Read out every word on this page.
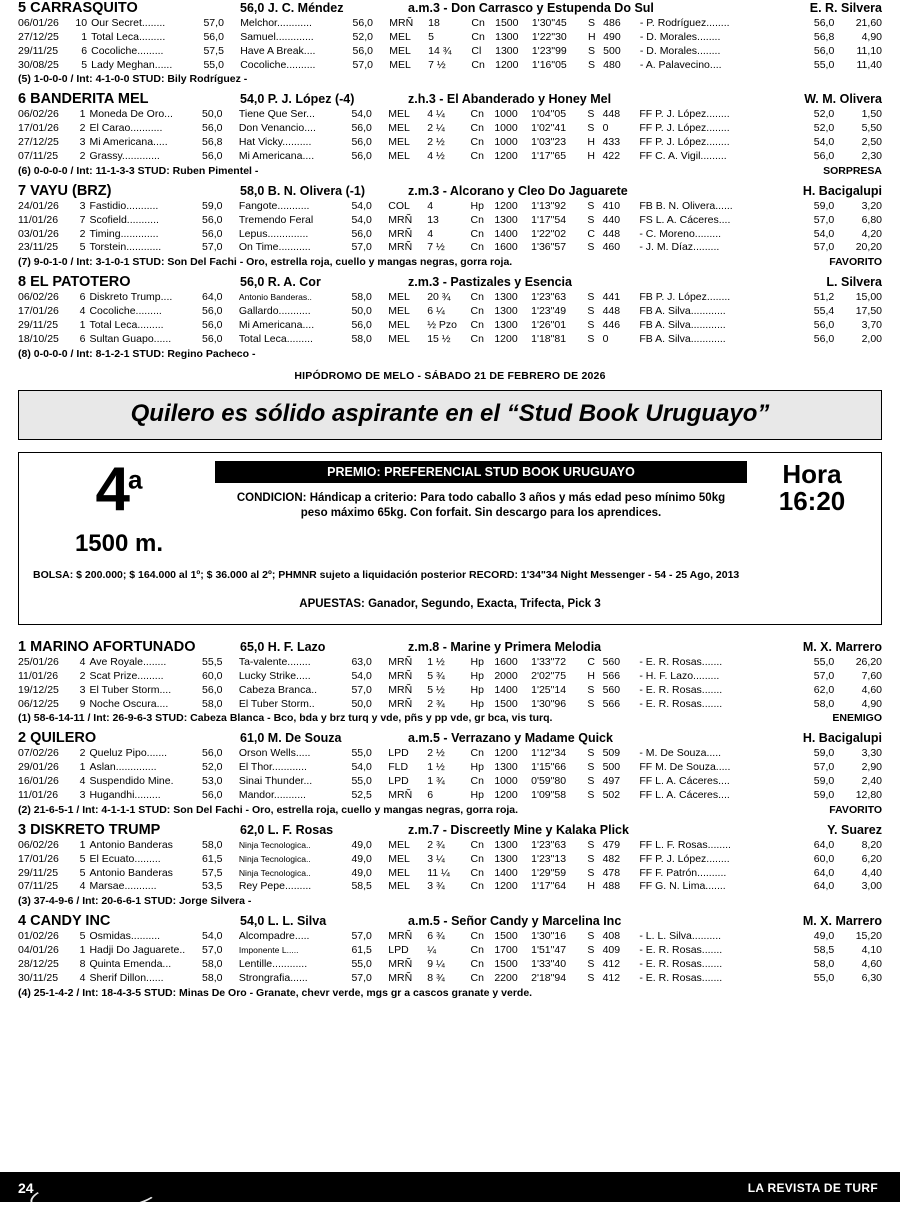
5 CARRASQUITO	56,0 J. C. Méndez	a.m.3 - Don Carrasco y Estupenda Do Sul	E. R. Silvera
06/01/26	10	Our Secret........	57,0	Melchor............	56,0	MRÑ	18	Cn	1500	1'30"45	S	486	- P. Rodríguez........	56,0	21,60
27/12/25	1	Total Leca.........	56,0	Samuel.............	52,0	MEL	5	Cn	1300	1'22"30	H	490	- D. Morales........	56,8	4,90
29/11/25	6	Cocoliche.........	57,5	Have A Break....	56,0	MEL	14 ¾	Cl	1300	1'23"99	S	500	- D. Morales........	56,0	11,10
30/08/25	5	Lady Meghan......	55,0	Cocoliche..........	57,0	MEL	7 ½	Cn	1200	1'16"05	S	480	- A. Palavecino....	55,0	11,40
(5) 1-0-0-0 / Int: 4-1-0-0 STUD: Bily Rodríguez -
6 BANDERITA MEL	54,0 P. J. López (-4)	z.h.3 - El Abanderado y Honey Mel	W. M. Olivera
06/02/26	1	Moneda De Oro...	50,0	Tiene Que Ser...	54,0	MEL	4 ¼	Cn	1000	1'04"05	S	448	FF P. J. López........	52,0	1,50
17/01/26	2	El Carao...........	56,0	Don Venancio....	56,0	MEL	2 ¼	Cn	1000	1'02"41	S	0	FF P. J. López........	52,0	5,50
27/12/25	3	Mi Americana.....	56,8	Hat Vicky..........	56,0	MEL	2 ½	Cn	1000	1'03"23	H	433	FF P. J. López........	54,0	2,50
07/11/25	2	Grassy.............	56,0	Mi Americana....	56,0	MEL	4 ½	Cn	1200	1'17"65	H	422	FF C. A. Vigil.........	56,0	2,30
(6) 0-0-0-0 / Int: 11-1-3-3 STUD: Ruben Pimentel -	SORPRESA
7 VAYU (BRZ)	58,0 B. N. Olivera (-1)	z.m.3 - Alcorano y Cleo Do Jaguarete	H. Bacigalupi
24/01/26	3	Fastidio...........	59,0	Fangote...........	54,0	COL	4	Hp	1200	1'13"92	S	410	FB B. N. Olivera......	59,0	3,20
11/01/26	7	Scofield...........	56,0	Tremendo Feral	54,0	MRÑ	13	Cn	1300	1'17"54	S	440	FS L. A. Cáceres....	57,0	6,80
03/01/26	2	Timing.............	56,0	Lepus..............	56,0	MRÑ	4	Cn	1400	1'22"02	C	448	- C. Moreno.........	54,0	4,20
23/11/25	5	Torstein............	57,0	On Time...........	57,0	MRÑ	7 ½	Cn	1600	1'36"57	S	460	- J. M. Díaz.........	57,0	20,20
(7) 9-0-1-0 / Int: 3-1-0-1 STUD: Son Del Fachi - Oro, estrella roja, cuello y mangas negras, gorra roja.	FAVORITO
8 EL PATOTERO	56,0 R. A. Cor	z.m.3 - Pastizales y Esencia	L. Silvera
06/02/26	6	Diskreto Trump....	64,0	Antonio Banderas..	58,0	MEL	20 ¾	Cn	1300	1'23"63	S	441	FB P. J. López........	51,2	15,00
17/01/26	4	Cocoliche.........	56,0	Gallardo...........	50,0	MEL	6 ¼	Cn	1300	1'23"49	S	448	FB A. Silva............	55,4	17,50
29/11/25	1	Total Leca.........	56,0	Mi Americana....	56,0	MEL	½ Pzo	Cn	1300	1'26"01	S	446	FB A. Silva............	56,0	3,70
18/10/25	6	Sultan Guapo......	56,0	Total Leca.........	58,0	MEL	15 ½	Cn	1200	1'18"81	S	0	FB A. Silva............	56,0	2,00
(8) 0-0-0-0 / Int: 8-1-2-1 STUD: Regino Pacheco -
HIPÓDROMO DE MELO - SÁBADO 21 DE FEBRERO DE 2026
Quilero es sólido aspirante en el “Stud Book Uruguayo”
4$^a$
1500 m.
PREMIO: PREFERENCIAL STUD BOOK URUGUAYO
CONDICION: Hándicap a criterio: Para todo caballo 3 años y más edad peso mínimo 50kg peso máximo 65kg. Con forfait. Sin descargo para los aprendices.
Hora
16:20
BOLSA: $ 200.000; $ 164.000 al 1º; $ 36.000 al 2º; PHMNR sujeto a liquidación posterior RECORD: 1'34"34 Night Messenger - 54 - 25 Ago, 2013
APUESTAS: Ganador, Segundo, Exacta, Trifecta, Pick 3
1 MARINO AFORTUNADO	65,0 H. F. Lazo	z.m.8 - Marine y Primera Melodia	M. X. Marrero
25/01/26	4	Ave Royale........	55,5	Ta-valente........	63,0	MRÑ	1 ½	Hp	1600	1'33"72	C	560	- E. R. Rosas.......	55,0	26,20
11/01/26	2	Scat Prize.........	60,0	Lucky Strike.....	54,0	MRÑ	5 ¾	Hp	2000	2'02"75	H	566	- H. F. Lazo.........	57,0	7,60
19/12/25	3	El Tuber Storm....	56,0	Cabeza Branca..	57,0	MRÑ	5 ½	Hp	1400	1'25"14	S	560	- E. R. Rosas.......	62,0	4,60
06/12/25	9	Noche Oscura....	58,0	El Tuber Storm..	50,0	MRÑ	2 ¾	Hp	1500	1'30"96	S	566	- E. R. Rosas.......	58,0	4,90
(1) 58-6-14-11 / Int: 26-9-6-3 STUD: Cabeza Blanca - Bco, bda y brz turq y vde, pñs y pp vde, gr bca, vis turq.	ENEMIGO
2 QUILERO	61,0 M. De Souza	a.m.5 - Verrazano y Madame Quick	H. Bacigalupi
07/02/26	2	Queluz Pipo.......	56,0	Orson Wells.....	55,0	LPD	2 ½	Cn	1200	1'12"34	S	509	- M. De Souza.....	59,0	3,30
29/01/26	1	Aslan..............	52,0	El Thor............	54,0	FLD	1 ½	Hp	1300	1'15"66	S	500	FF M. De Souza.....	57,0	2,90
16/01/26	4	Suspendido Mine.	53,0	Sinai Thunder...	55,0	LPD	1 ¾	Cn	1000	0'59"80	S	497	FF L. A. Cáceres....	59,0	2,40
11/01/26	3	Hugandhi.........	56,0	Mandor...........	52,5	MRÑ	6	Hp	1200	1'09"58	S	502	FF L. A. Cáceres....	59,0	12,80
(2) 21-6-5-1 / Int: 4-1-1-1 STUD: Son Del Fachi - Oro, estrella roja, cuello y mangas negras, gorra roja.	FAVORITO
3 DISKRETO TRUMP	62,0 L. F. Rosas	z.m.7 - Discreetly Mine y Kalaka Plick	Y. Suarez
06/02/26	1	Antonio Banderas	58,0	Ninja Tecnologica..	49,0	MEL	2 ¾	Cn	1300	1'23"63	S	479	FF L. F. Rosas........	64,0	8,20
17/01/26	5	El Ecuato.........	61,5	Ninja Tecnologica..	49,0	MEL	3 ¼	Cn	1300	1'23"13	S	482	FF P. J. López........	60,0	6,20
29/11/25	5	Antonio Banderas	57,5	Ninja Tecnologica..	49,0	MEL	11 ¼	Cn	1400	1'29"59	S	478	FF F. Patrón..........	64,0	4,40
07/11/25	4	Marsae...........	53,5	Rey Pepe.........	58,5	MEL	3 ¾	Cn	1200	1'17"64	H	488	FF G. N. Lima.......	64,0	3,00
(3) 37-4-9-6 / Int: 20-6-6-1 STUD: Jorge Silvera -
4 CANDY INC	54,0 L. L. Silva	a.m.5 - Señor Candy y Marcelina Inc	M. X. Marrero
01/02/26	5	Osmidas..........	54,0	Alcompadre.....	57,0	MRÑ	6 ¾	Cn	1500	1'30"16	S	408	- L. L. Silva..........	49,0	15,20
04/01/26	1	Hadji Do Jaguarete..	57,0	Imponente L.....	61,5	LPD	¼	Cn	1700	1'51"47	S	409	- E. R. Rosas.......	58,5	4,10
28/12/25	8	Quinta Emenda...	58,0	Lentille............	55,0	MRÑ	9 ¼	Cn	1500	1'33"40	S	412	- E. R. Rosas.......	58,0	4,60
30/11/25	4	Sherif Dillon......	58,0	Strongrafia......	57,0	MRÑ	8 ¾	Cn	2200	2'18"94	S	412	- E. R. Rosas.......	55,0	6,30
(4) 25-1-4-2 / Int: 18-4-3-5 STUD: Minas De Oro - Granate, chevr verde, mgs gr a cascos granate y verde.
24	LA REVISTA DE TURF
